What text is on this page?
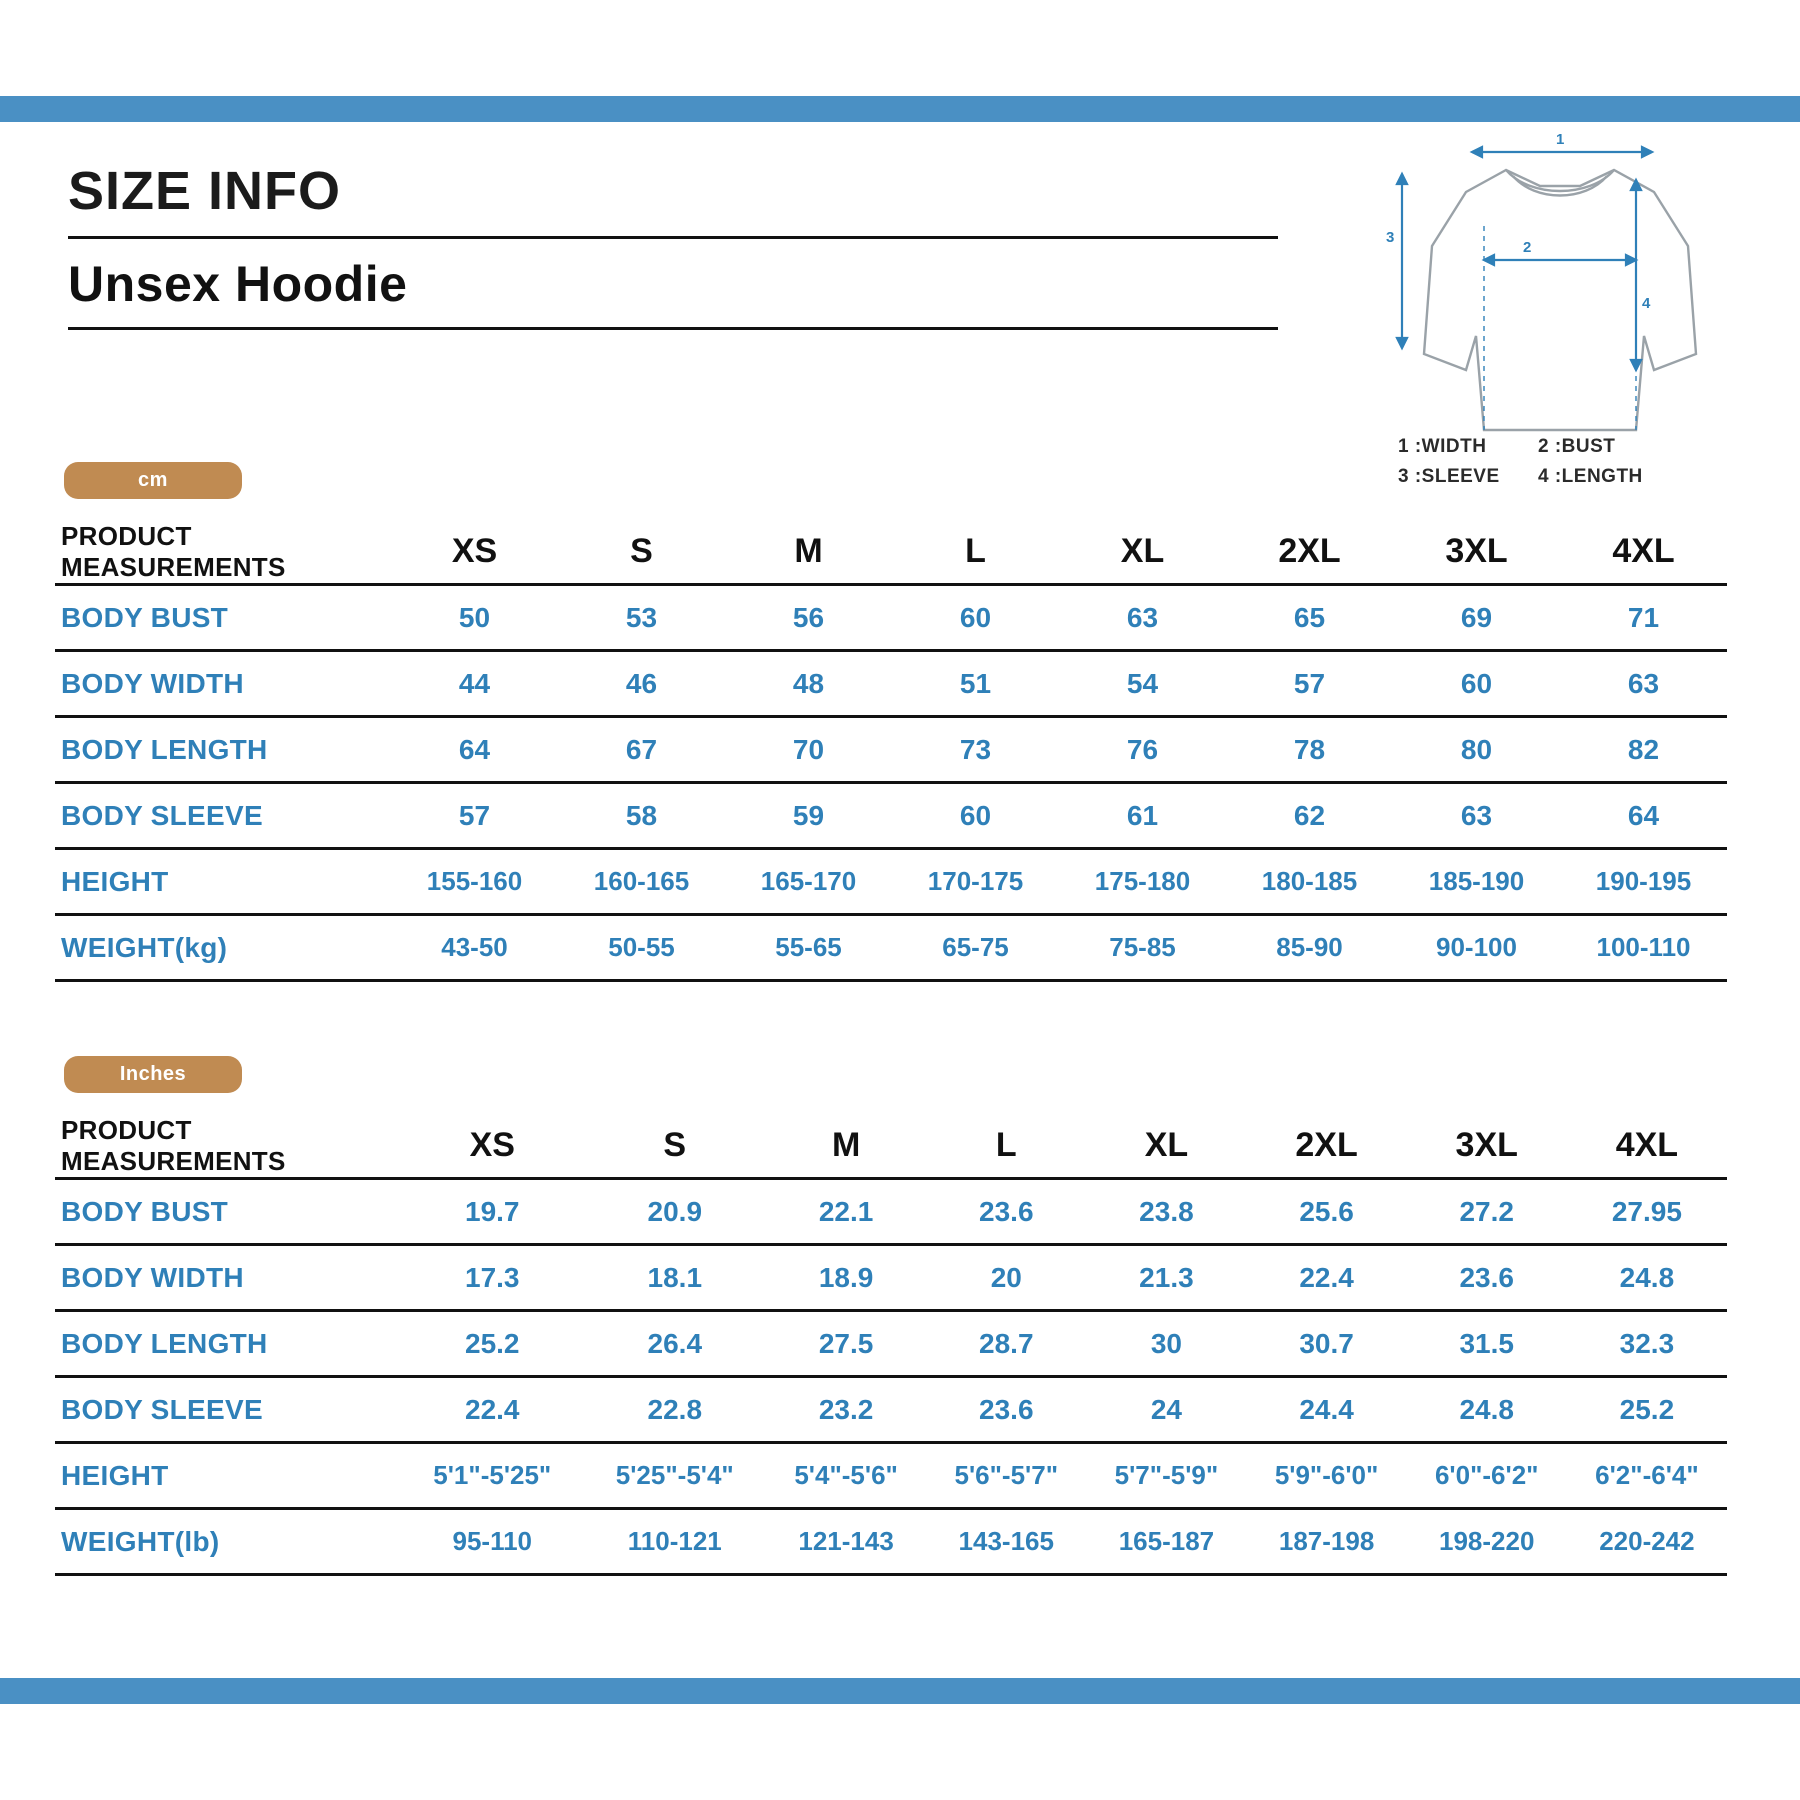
SIZE INFO
Unsex Hoodie
1
2
3
4
1 :WIDTH	2 :BUST
3 :SLEEVE	4 :LENGTH
cm
PRODUCT MEASUREMENTS	XS	S	M	L	XL	2XL	3XL	4XL
BODY BUST	50	53	56	60	63	65	69	71
BODY WIDTH	44	46	48	51	54	57	60	63
BODY LENGTH	64	67	70	73	76	78	80	82
BODY SLEEVE	57	58	59	60	61	62	63	64
HEIGHT	155-160	160-165	165-170	170-175	175-180	180-185	185-190	190-195
WEIGHT(kg)	43-50	50-55	55-65	65-75	75-85	85-90	90-100	100-110
Inches
PRODUCT MEASUREMENTS	XS	S	M	L	XL	2XL	3XL	4XL
BODY BUST	19.7	20.9	22.1	23.6	23.8	25.6	27.2	27.95
BODY WIDTH	17.3	18.1	18.9	20	21.3	22.4	23.6	24.8
BODY LENGTH	25.2	26.4	27.5	28.7	30	30.7	31.5	32.3
BODY SLEEVE	22.4	22.8	23.2	23.6	24	24.4	24.8	25.2
HEIGHT	5'1"-5'25"	5'25"-5'4"	5'4"-5'6"	5'6"-5'7"	5'7"-5'9"	5'9"-6'0"	6'0"-6'2"	6'2"-6'4"
WEIGHT(lb)	95-110	110-121	121-143	143-165	165-187	187-198	198-220	220-242
